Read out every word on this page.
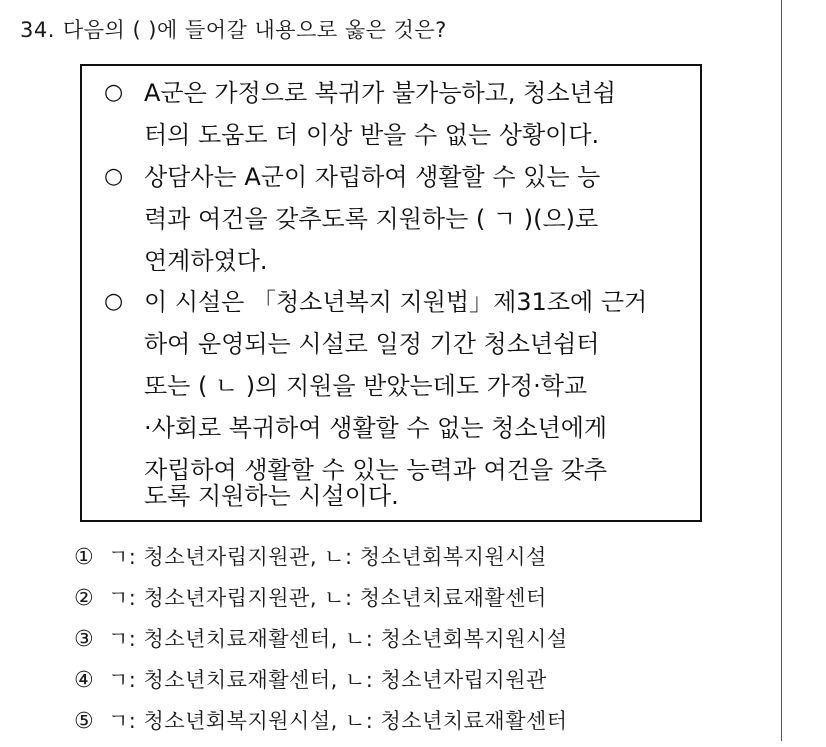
34. 다음의 ( )에 들어갈 내용으로 옳은 것은?
○ A군은 가정으로 복귀가 불가능하고, 청소년쉼
터의 도움도 더 이상 받을 수 없는 상황이다.
○ 상담사는 A군이 자립하여 생활할 수 있는 능
력과 여건을 갖추도록 지원하는 ( ㄱ )(으)로
연계하였다.
○ 이 시설은 「청소년복지 지원법」제31조에 근거
하여 운영되는 시설로 일정 기간 청소년쉼터
또는 ( ㄴ )의 지원을 받았는데도 가정·학교
·사회로 복귀하여 생활할 수 없는 청소년에게
자립하여 생활할 수 있는 능력과 여건을 갖추
도록 지원하는 시설이다.
① ㄱ: 청소년자립지원관, ㄴ: 청소년회복지원시설
② ㄱ: 청소년자립지원관, ㄴ: 청소년치료재활센터
③ ㄱ: 청소년치료재활센터, ㄴ: 청소년회복지원시설
④ ㄱ: 청소년치료재활센터, ㄴ: 청소년자립지원관
⑤ ㄱ: 청소년회복지원시설, ㄴ: 청소년치료재활센터
